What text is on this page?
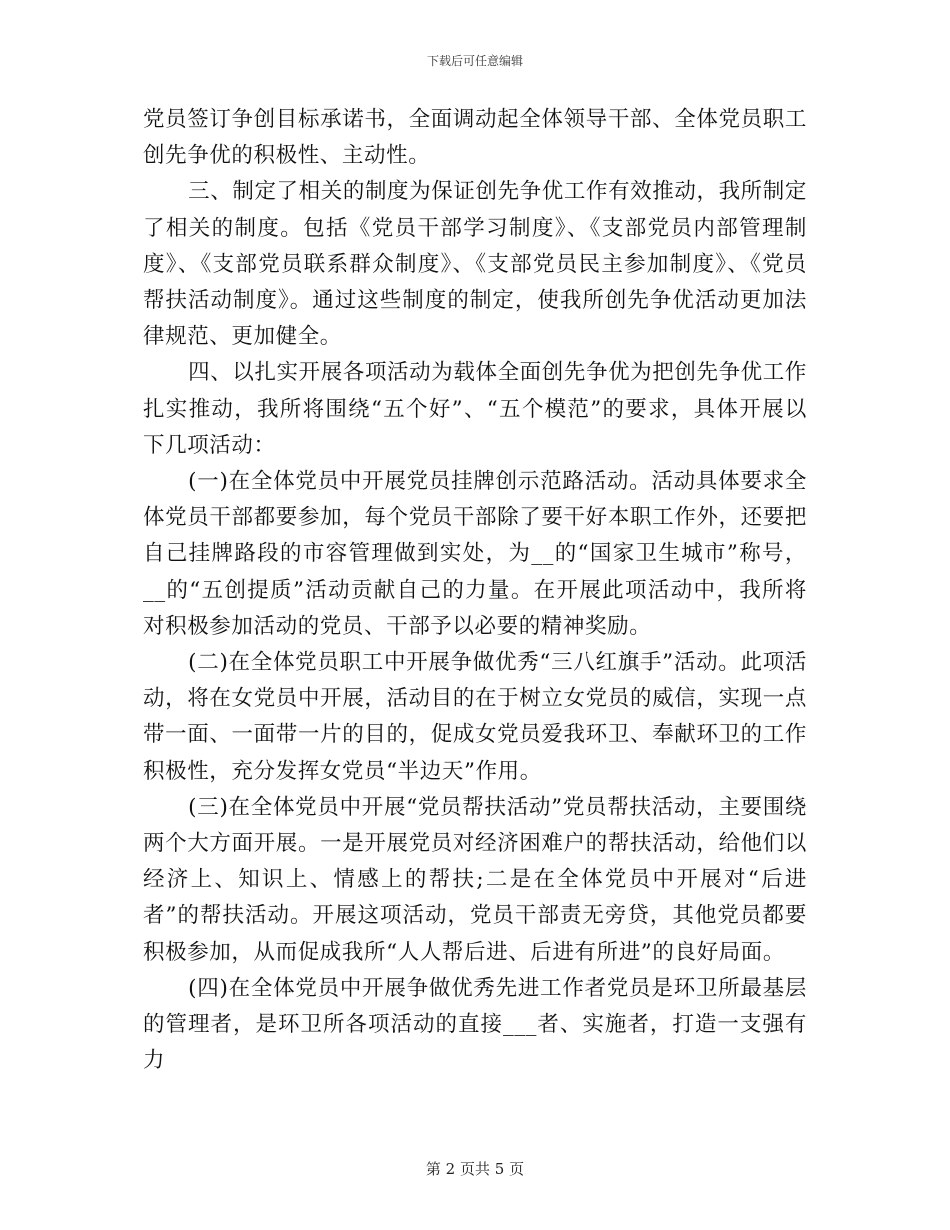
下载后可任意编辑

党员签订争创目标承诺书，全面调动起全体领导干部、全体党员职工创先争优的积极性、主动性。

三、制定了相关的制度为保证创先争优工作有效推动，我所制定了相关的制度。包括《党员干部学习制度》、《支部党员内部管理制度》、《支部党员联系群众制度》、《支部党员民主参加制度》、《党员帮扶活动制度》。通过这些制度的制定，使我所创先争优活动更加法律规范、更加健全。

四、以扎实开展各项活动为载体全面创先争优为把创先争优工作扎实推动，我所将围绕“五个好”、“五个模范”的要求，具体开展以下几项活动：

(一)在全体党员中开展党员挂牌创示范路活动。活动具体要求全体党员干部都要参加，每个党员干部除了要干好本职工作外，还要把自己挂牌路段的市容管理做到实处，为__的“国家卫生城市”称号，__的“五创提质”活动贡献自己的力量。在开展此项活动中，我所将对积极参加活动的党员、干部予以必要的精神奖励。

(二)在全体党员职工中开展争做优秀“三八红旗手”活动。此项活动，将在女党员中开展，活动目的在于树立女党员的威信，实现一点带一面、一面带一片的目的，促成女党员爱我环卫、奉献环卫的工作积极性，充分发挥女党员“半边天”作用。

(三)在全体党员中开展“党员帮扶活动”党员帮扶活动，主要围绕两个大方面开展。一是开展党员对经济困难户的帮扶活动，给他们以经济上、知识上、情感上的帮扶;二是在全体党员中开展对“后进者”的帮扶活动。开展这项活动，党员干部责无旁贷，其他党员都要积极参加，从而促成我所“人人帮后进、后进有所进”的良好局面。

(四)在全体党员中开展争做优秀先进工作者党员是环卫所最基层的管理者，是环卫所各项活动的直接___者、实施者，打造一支强有力

第 2 页共 5 页
